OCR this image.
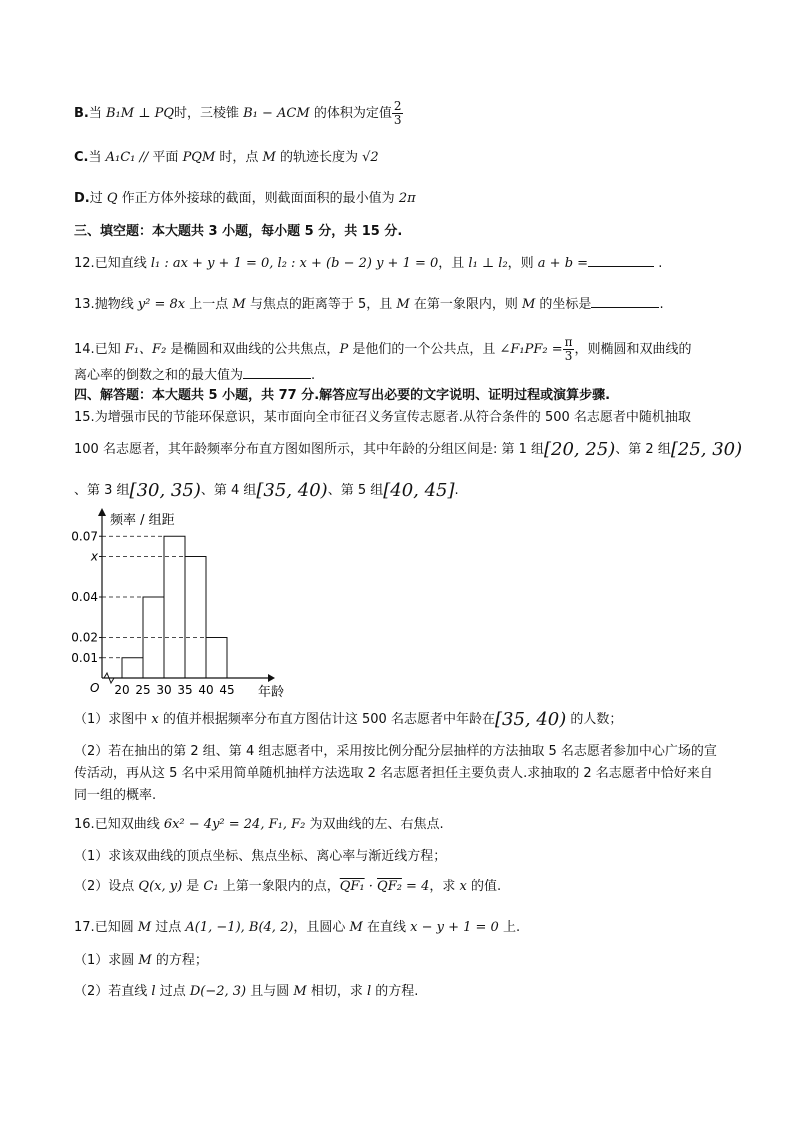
B.当 B₁M ⊥ PQ时，三棱锥 B₁ − ACM 的体积为定值 $\frac{2}{3}$
C.当 A₁C₁ // 平面 PQM 时，点 M 的轨迹长度为 √2
D.过 Q 作正方体外接球的截面，则截面面积的最小值为 2π
三、填空题：本大题共 3 小题，每小题 5 分，共 15 分.
12.已知直线 l₁ : ax + y + 1 = 0, l₂ : x + (b − 2) y + 1 = 0，且 l₁ ⊥ l₂，则 a + b =	.
13.抛物线 y² = 8x 上一点 M 与焦点的距离等于 5，且 M 在第一象限内，则 M 的坐标是	.
14.已知 F₁、F₂ 是椭圆和双曲线的公共焦点，P 是他们的一个公共点，且 ∠F₁PF₂ = $\frac{\pi}{3}$ ，则椭圆和双曲线的
离心率的倒数之和的最大值为	.
四、解答题：本大题共 5 小题，共 77 分.解答应写出必要的文字说明、证明过程或演算步骤.
15.为增强市民的节能环保意识，某市面向全市征召义务宣传志愿者.从符合条件的 500 名志愿者中随机抽取
100 名志愿者，其年龄频率分布直方图如图所示，其中年龄的分组区间是: 第 1 组[20, 25)、第 2 组[25, 30)
、第 3 组[30, 35)、第 4 组[35, 40)、第 5 组[40, 45].
0.01
0.02
0.04
x
0.07
20 25 30 35 40 45
O
频率 / 组距
年龄
（1）求图中 x 的值并根据频率分布直方图估计这 500 名志愿者中年龄在[35, 40) 的人数；
（2）若在抽出的第 2 组、第 4 组志愿者中，采用按比例分配分层抽样的方法抽取 5 名志愿者参加中心广场的宣传活动，再从这 5 名中采用简单随机抽样方法选取 2 名志愿者担任主要负责人.求抽取的 2 名志愿者中恰好来自同一组的概率.
16.已知双曲线 6x² − 4y² = 24, F₁, F₂ 为双曲线的左、右焦点.
（1）求该双曲线的顶点坐标、焦点坐标、离心率与渐近线方程；
（2）设点 Q(x, y) 是 C₁ 上第一象限内的点，QF₁ · QF₂ = 4，求 x 的值.
17.已知圆 M 过点 A(1, −1), B(4, 2)，且圆心 M 在直线 x − y + 1 = 0 上.
（1）求圆 M 的方程；
（2）若直线 l 过点 D(−2, 3) 且与圆 M 相切，求 l 的方程.
